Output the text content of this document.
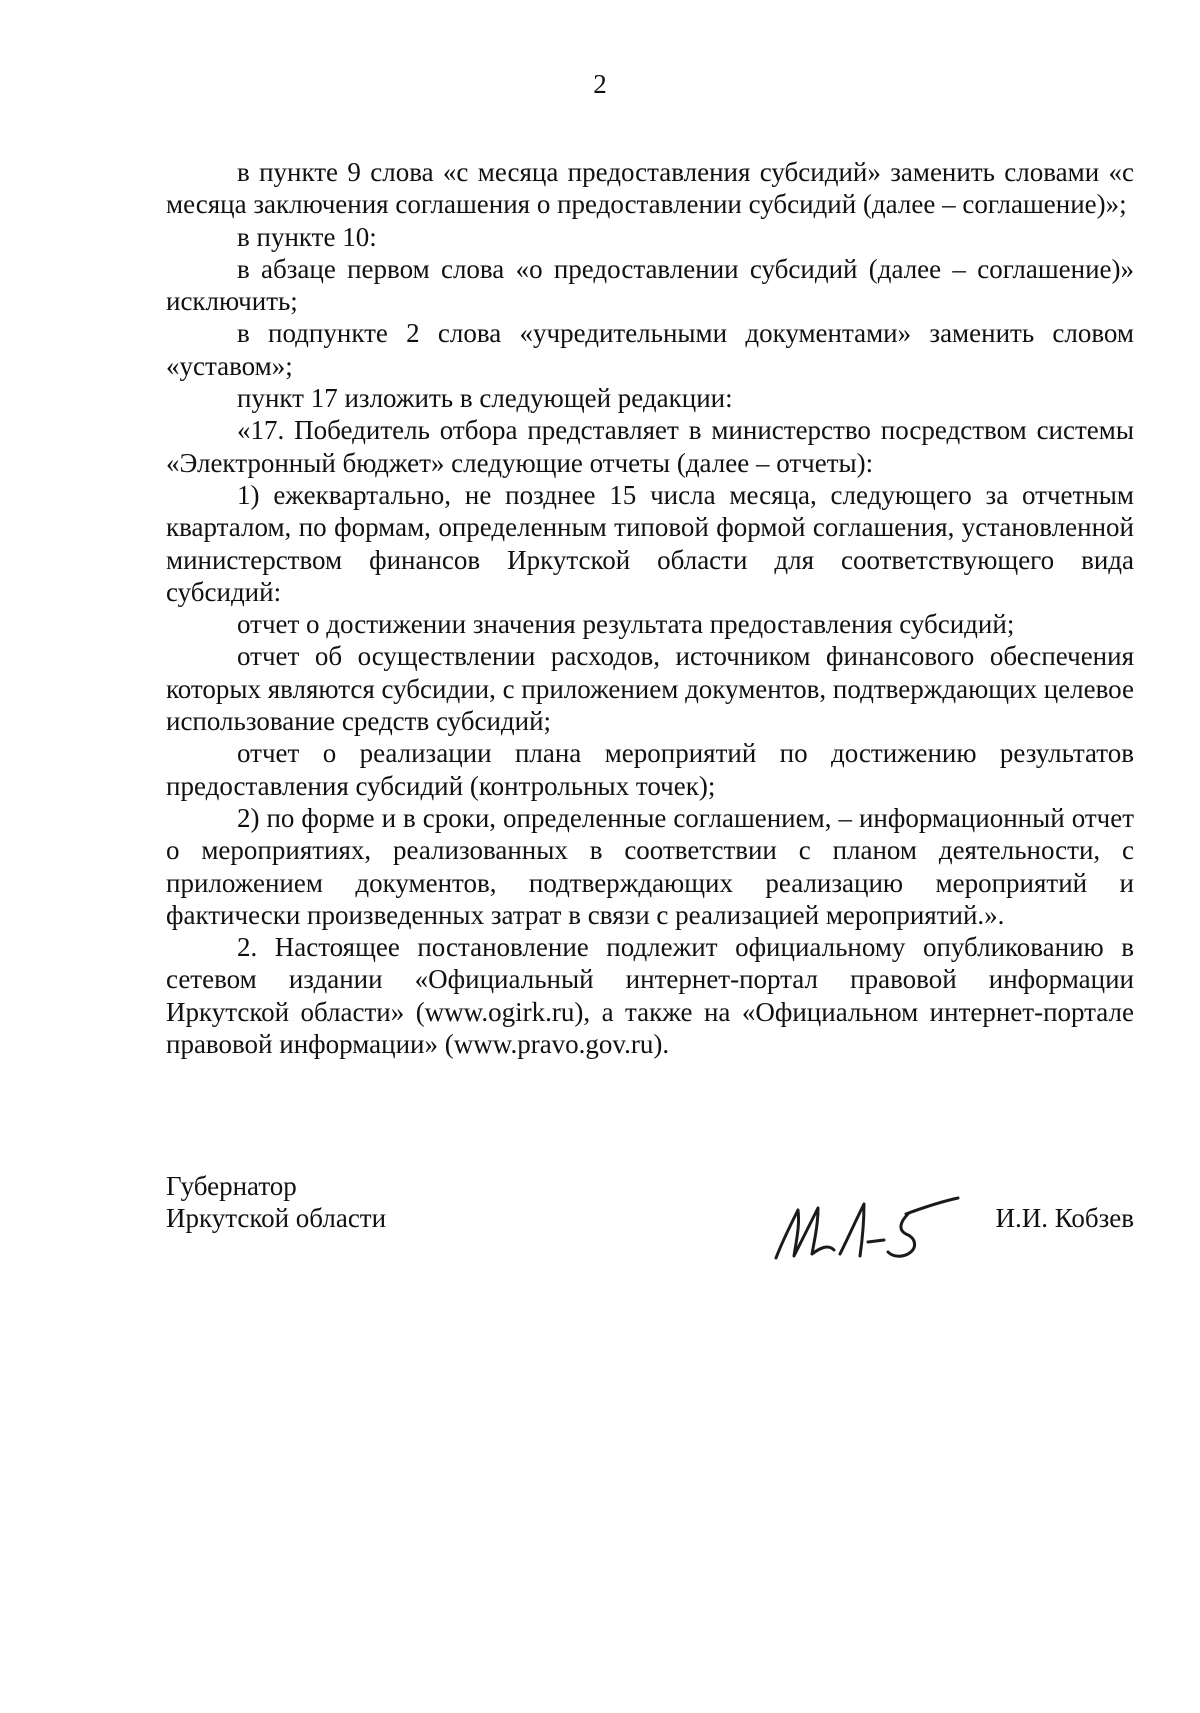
2

в пункте 9 слова «с месяца предоставления субсидий» заменить словами «с месяца заключения соглашения о предоставлении субсидий (далее – соглашение)»;

в пункте 10:

в абзаце первом слова «о предоставлении субсидий (далее – соглашение)» исключить;

в подпункте 2 слова «учредительными документами» заменить словом «уставом»;

пункт 17 изложить в следующей редакции:

«17. Победитель отбора представляет в министерство посредством системы «Электронный бюджет» следующие отчеты (далее – отчеты):

1) ежеквартально, не позднее 15 числа месяца, следующего за отчетным кварталом, по формам, определенным типовой формой соглашения, установленной министерством финансов Иркутской области для соответствующего вида субсидий:

отчет о достижении значения результата предоставления субсидий;

отчет об осуществлении расходов, источником финансового обеспечения которых являются субсидии, с приложением документов, подтверждающих целевое использование средств субсидий;

отчет о реализации плана мероприятий по достижению результатов предоставления субсидий (контрольных точек);

2) по форме и в сроки, определенные соглашением, – информационный отчет о мероприятиях, реализованных в соответствии с планом деятельности, с приложением документов, подтверждающих реализацию мероприятий и фактически произведенных затрат в связи с реализацией мероприятий.».

2. Настоящее постановление подлежит официальному опубликованию в сетевом издании «Официальный интернет-портал правовой информации Иркутской области» (www.ogirk.ru), а также на «Официальном интернет-портале правовой информации» (www.pravo.gov.ru).

Губернатор
Иркутской области	И.И. Кобзев
